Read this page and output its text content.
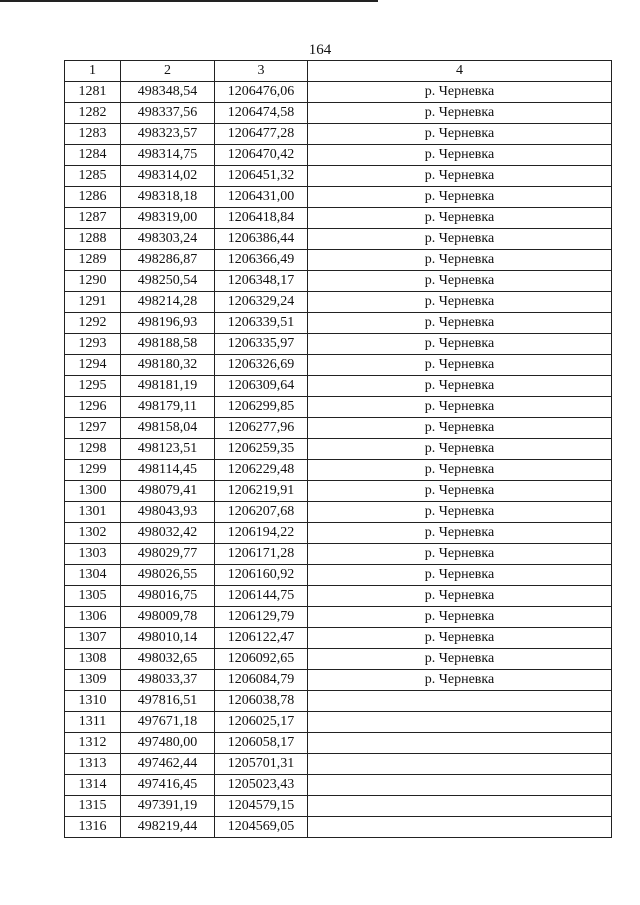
164
1	2	3	4
1281	498348,54	1206476,06	р. Черневка
1282	498337,56	1206474,58	р. Черневка
1283	498323,57	1206477,28	р. Черневка
1284	498314,75	1206470,42	р. Черневка
1285	498314,02	1206451,32	р. Черневка
1286	498318,18	1206431,00	р. Черневка
1287	498319,00	1206418,84	р. Черневка
1288	498303,24	1206386,44	р. Черневка
1289	498286,87	1206366,49	р. Черневка
1290	498250,54	1206348,17	р. Черневка
1291	498214,28	1206329,24	р. Черневка
1292	498196,93	1206339,51	р. Черневка
1293	498188,58	1206335,97	р. Черневка
1294	498180,32	1206326,69	р. Черневка
1295	498181,19	1206309,64	р. Черневка
1296	498179,11	1206299,85	р. Черневка
1297	498158,04	1206277,96	р. Черневка
1298	498123,51	1206259,35	р. Черневка
1299	498114,45	1206229,48	р. Черневка
1300	498079,41	1206219,91	р. Черневка
1301	498043,93	1206207,68	р. Черневка
1302	498032,42	1206194,22	р. Черневка
1303	498029,77	1206171,28	р. Черневка
1304	498026,55	1206160,92	р. Черневка
1305	498016,75	1206144,75	р. Черневка
1306	498009,78	1206129,79	р. Черневка
1307	498010,14	1206122,47	р. Черневка
1308	498032,65	1206092,65	р. Черневка
1309	498033,37	1206084,79	р. Черневка
1310	497816,51	1206038,78	
1311	497671,18	1206025,17	
1312	497480,00	1206058,17	
1313	497462,44	1205701,31	
1314	497416,45	1205023,43	
1315	497391,19	1204579,15	
1316	498219,44	1204569,05	
